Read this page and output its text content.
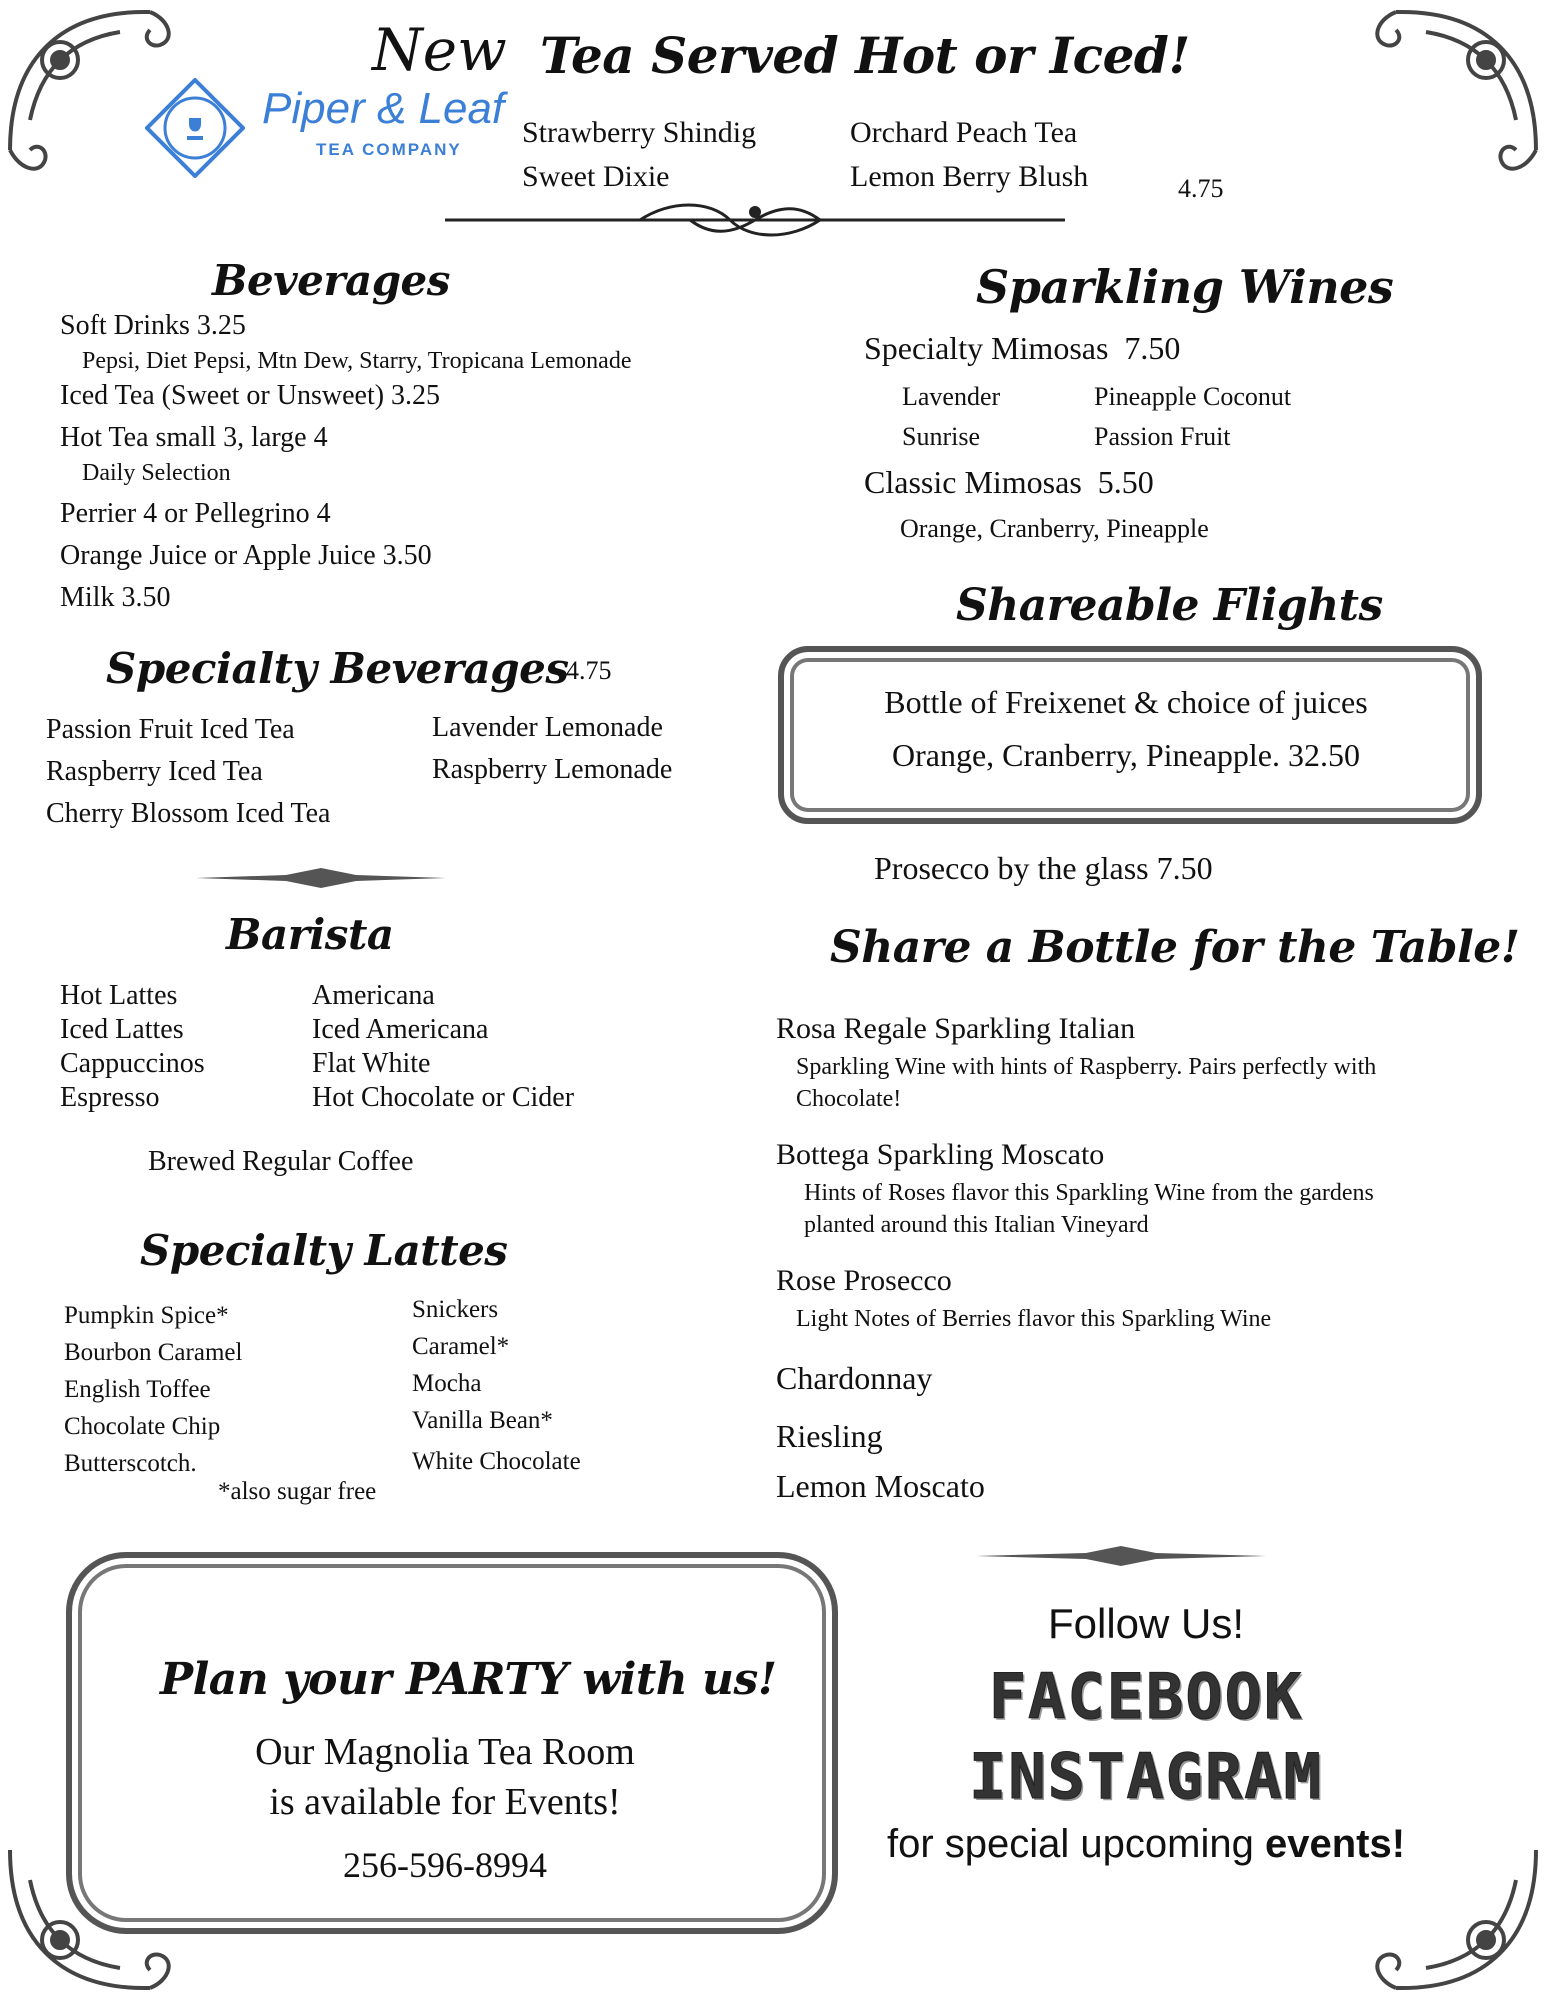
New
Piper & Leaf
TEA COMPANY
Tea Served Hot or Iced!
Strawberry Shindig
Sweet Dixie
Orchard Peach Tea
Lemon Berry Blush	4.75
Beverages
Soft Drinks 3.25
Pepsi, Diet Pepsi, Mtn Dew, Starry, Tropicana Lemonade
Iced Tea (Sweet or Unsweet) 3.25
Hot Tea small 3, large 4
Daily Selection
Perrier 4 or Pellegrino 4
Orange Juice or Apple Juice 3.50
Milk 3.50
Specialty Beverages
4.75
Passion Fruit Iced Tea
Raspberry Iced Tea
Cherry Blossom Iced Tea
Lavender Lemonade
Raspberry Lemonade
Barista
Hot Lattes
Iced Lattes
Cappuccinos
Espresso
Americana
Iced Americana
Flat White
Hot Chocolate or Cider
Brewed Regular Coffee
Specialty Lattes
Pumpkin Spice*
Bourbon Caramel
English Toffee
Chocolate Chip
Butterscotch.
Snickers
Caramel*
Mocha
Vanilla Bean*
White Chocolate
*also sugar free
Sparkling Wines
Specialty Mimosas 7.50
Lavender
Sunrise
Pineapple Coconut
Passion Fruit
Classic Mimosas 5.50
Orange, Cranberry, Pineapple
Shareable Flights
Bottle of Freixenet & choice of juices
Orange, Cranberry, Pineapple. 32.50
Prosecco by the glass 7.50
Share a Bottle for the Table!
Rosa Regale Sparkling Italian
Sparkling Wine with hints of Raspberry. Pairs perfectly with
Chocolate!
Bottega Sparkling Moscato
Hints of Roses flavor this Sparkling Wine from the gardens
planted around this Italian Vineyard
Rose Prosecco
Light Notes of Berries flavor this Sparkling Wine
Chardonnay
Riesling
Lemon Moscato
Plan your PARTY with us!
Our Magnolia Tea Room
is available for Events!
256-596-8994
Follow Us!
FACEBOOK
INSTAGRAM
for special upcoming events!
